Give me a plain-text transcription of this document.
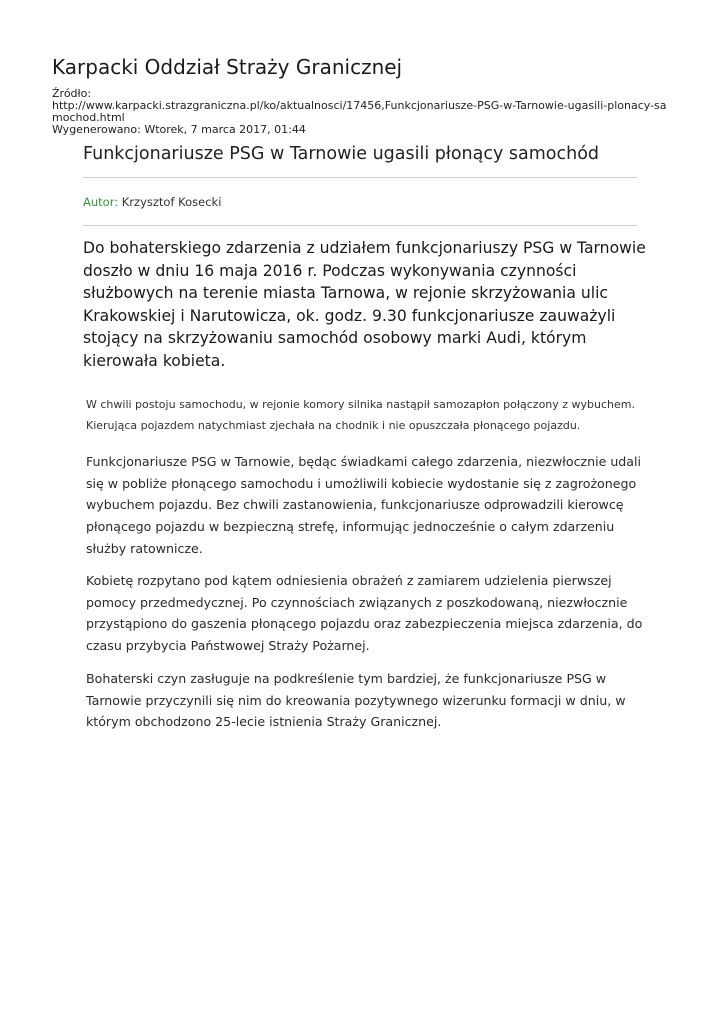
Karpacki Oddział Straży Granicznej
Źródło:
http://www.karpacki.strazgraniczna.pl/ko/aktualnosci/17456,Funkcjonariusze-PSG-w-Tarnowie-ugasili-plonacy-samochod.html
Wygenerowano: Wtorek, 7 marca 2017, 01:44
Funkcjonariusze PSG w Tarnowie ugasili płonący samochód
Autor: Krzysztof Kosecki

Do bohaterskiego zdarzenia z udziałem funkcjonariuszy PSG w Tarnowie doszło w dniu 16 maja 2016 r. Podczas wykonywania czynności służbowych na terenie miasta Tarnowa, w rejonie skrzyżowania ulic Krakowskiej i Narutowicza, ok. godz. 9.30 funkcjonariusze zauważyli stojący na skrzyżowaniu samochód osobowy marki Audi, którym kierowała kobieta.

W chwili postoju samochodu, w rejonie komory silnika nastąpił samozapłon połączony z wybuchem. Kierująca pojazdem natychmiast zjechała na chodnik i nie opuszczała płonącego pojazdu.

Funkcjonariusze PSG w Tarnowie, będąc świadkami całego zdarzenia, niezwłocznie udali się w pobliże płonącego samochodu i umożliwili kobiecie wydostanie się z zagrożonego wybuchem pojazdu. Bez chwili zastanowienia, funkcjonariusze odprowadzili kierowcę płonącego pojazdu w bezpieczną strefę, informując jednocześnie o całym zdarzeniu służby ratownicze.

Kobietę rozpytano pod kątem odniesienia obrażeń z zamiarem udzielenia pierwszej pomocy przedmedycznej. Po czynnościach związanych z poszkodowaną, niezwłocznie przystąpiono do gaszenia płonącego pojazdu oraz zabezpieczenia miejsca zdarzenia, do czasu przybycia Państwowej Straży Pożarnej.

Bohaterski czyn zasługuje na podkreślenie tym bardziej, że funkcjonariusze PSG w Tarnowie przyczynili się nim do kreowania pozytywnego wizerunku formacji w dniu, w którym obchodzono 25-lecie istnienia Straży Granicznej.
